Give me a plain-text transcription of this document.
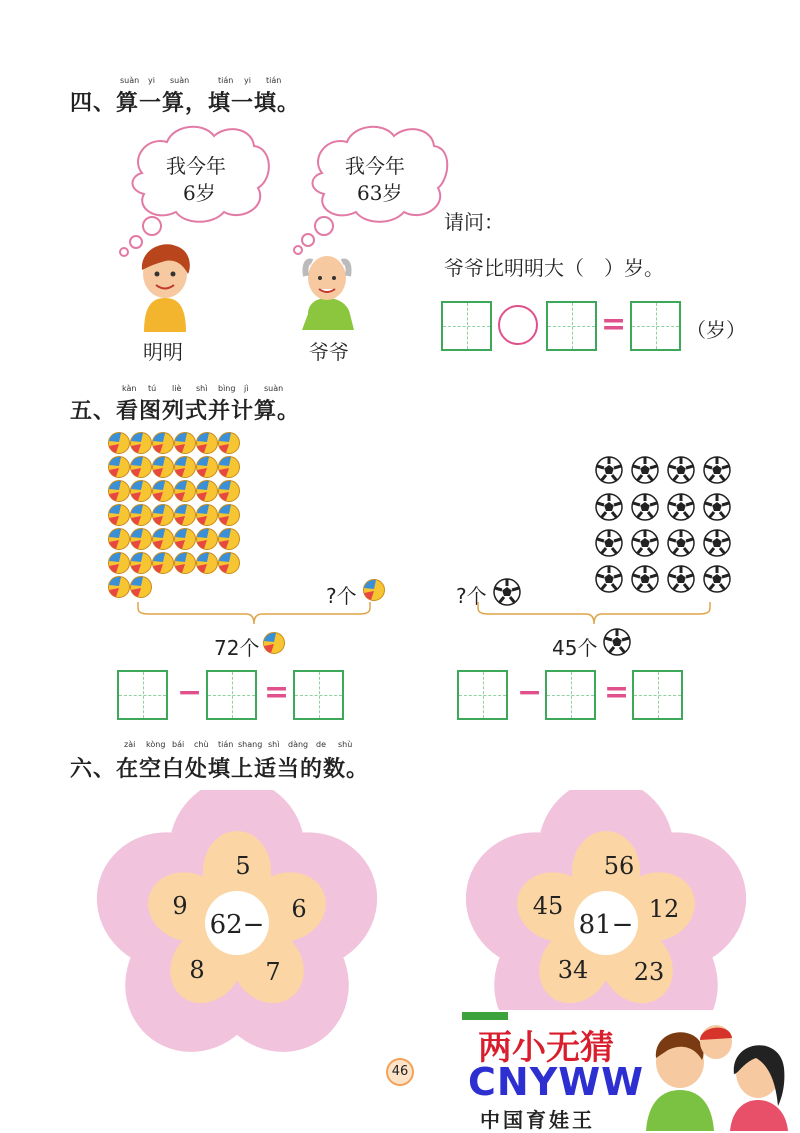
suàn yi suàn	tián yi tián
四、算一算，填一填。
我今年
6岁
我今年
63岁
明明	爷爷
请问：
爷爷比明明大（　）岁。
=	（岁）
kàn tú liè shì bìng jì suàn
五、看图列式并计算。
?个
72个
?个
45个
− =	− =
zài kòng bái chù tián shang shì dàng de shù
六、在空白处填上适当的数。
62−
5
6
7
8
9
81−
56
12
23
34
45
46
两小无猜
CNYWW
中国育娃王
